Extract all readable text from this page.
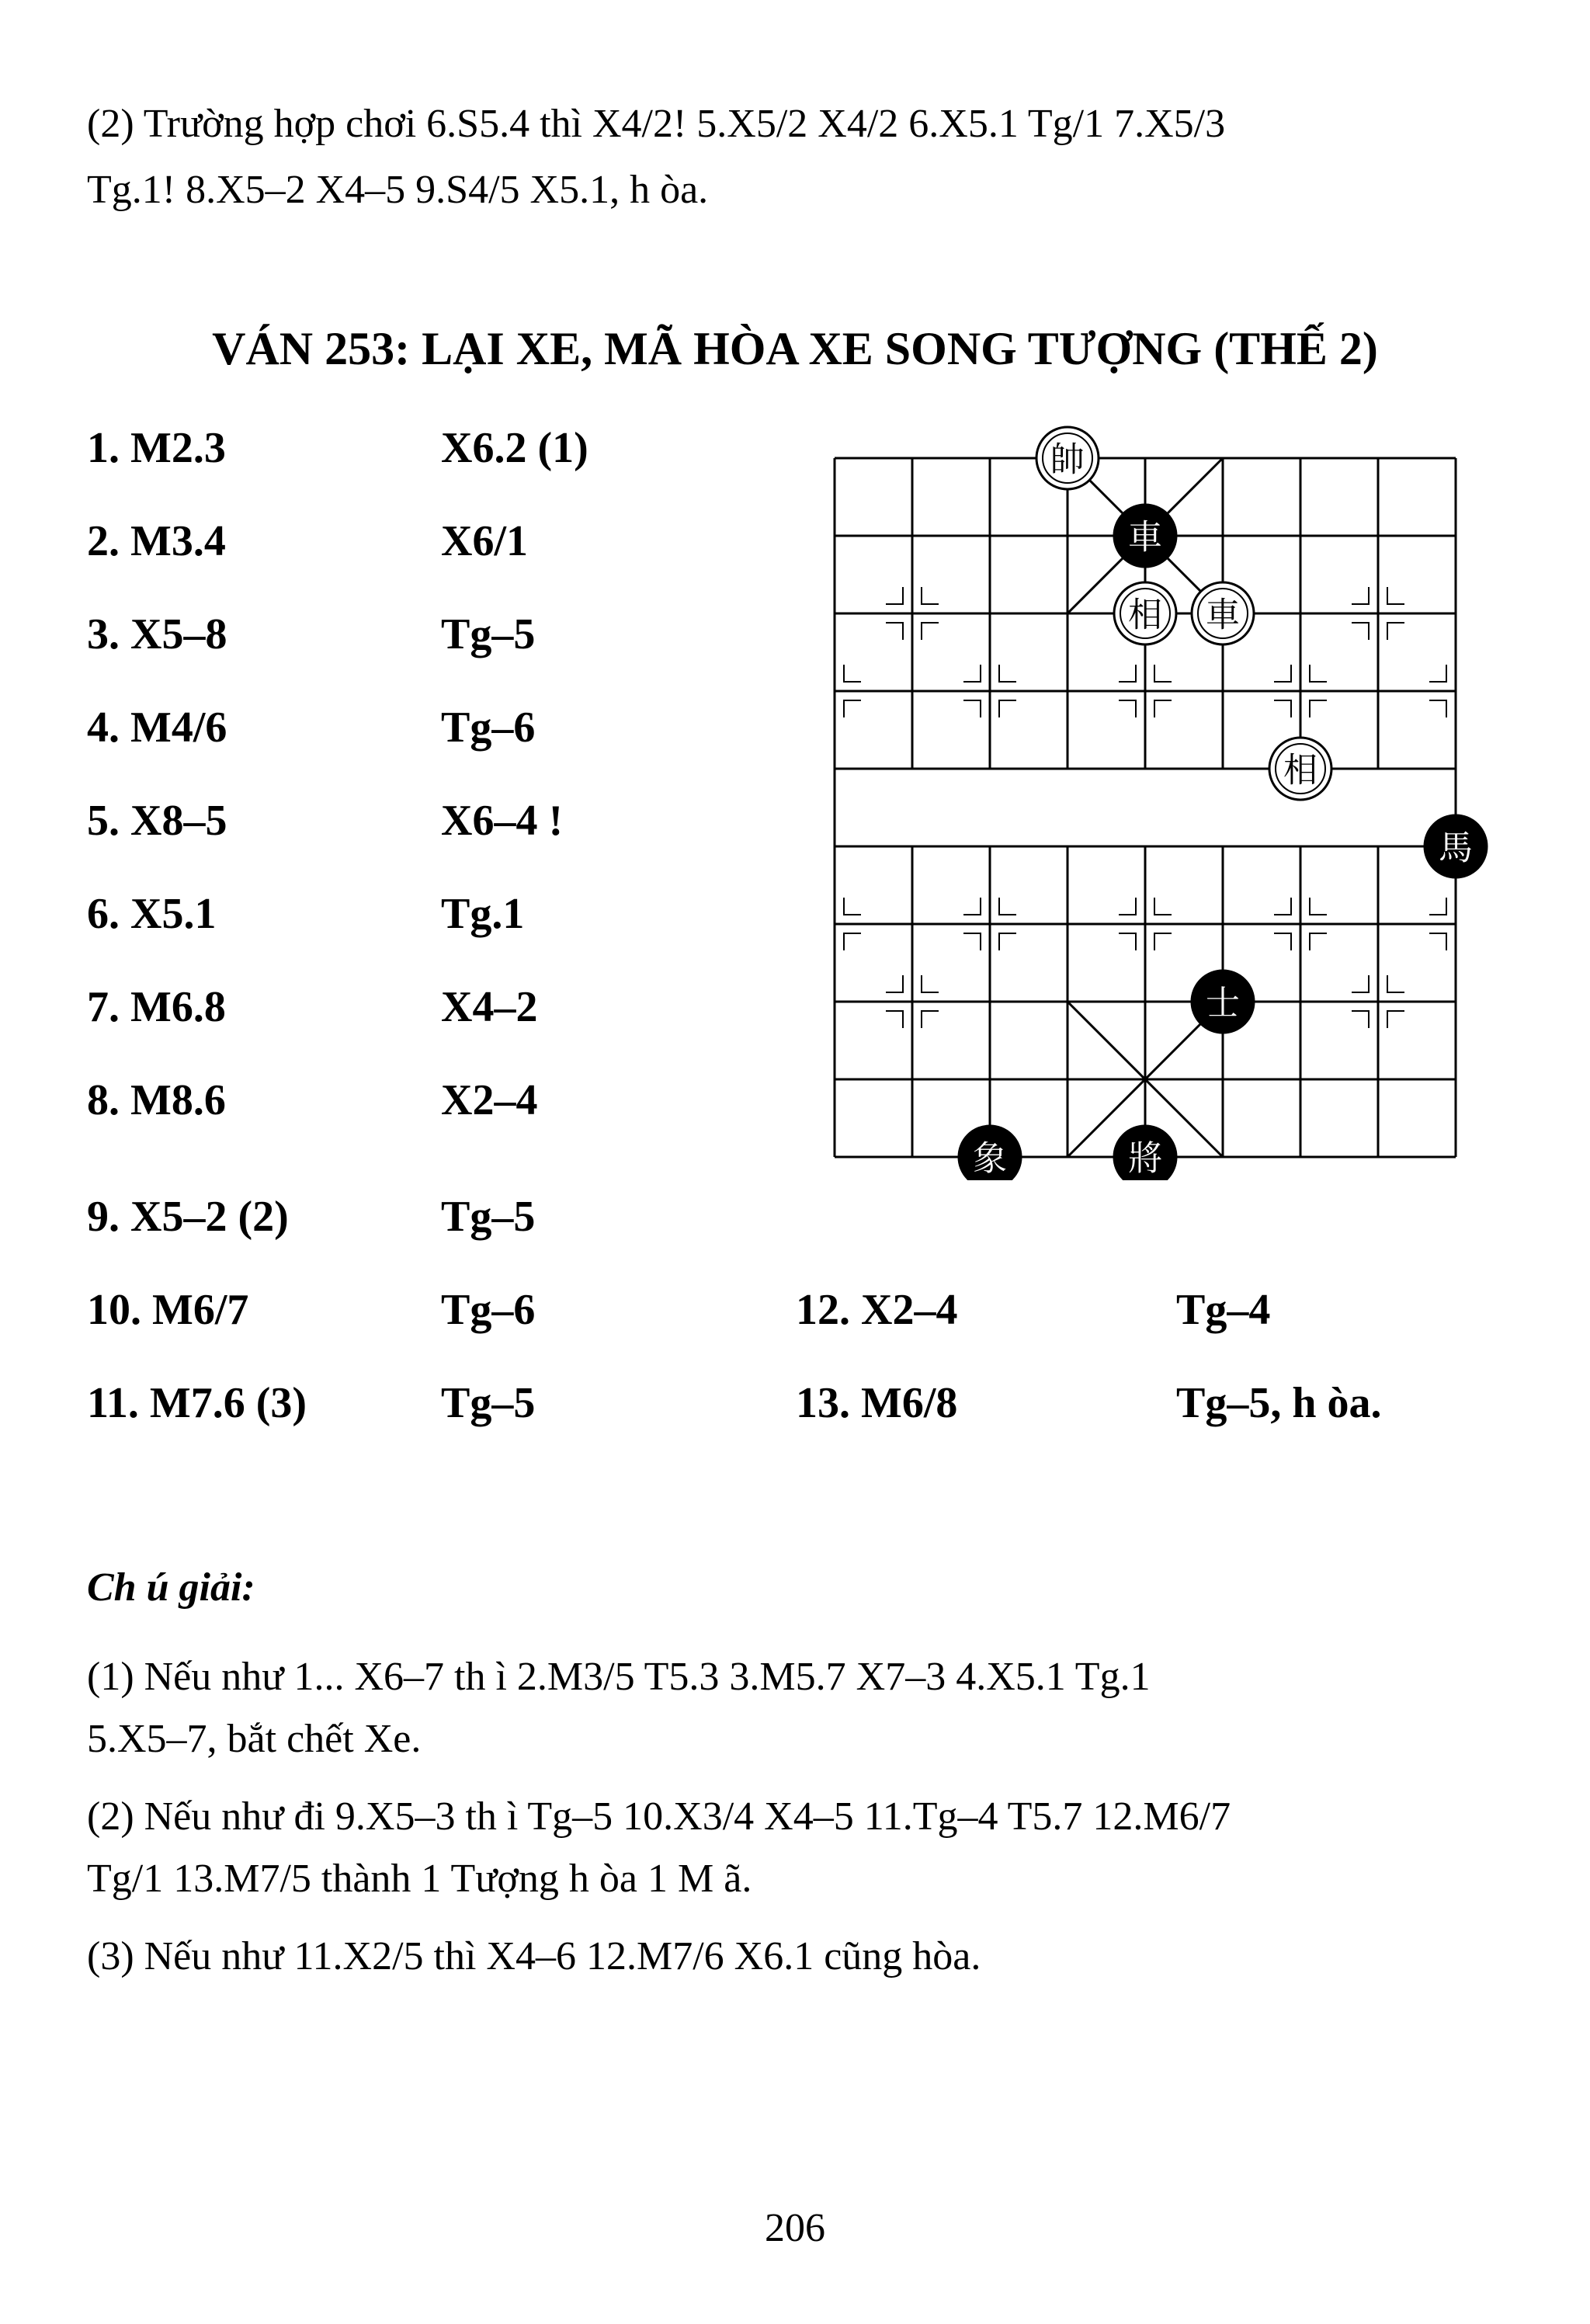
(2) Trường hợp chơi 6.S5.4 thì X4/2! 5.X5/2 X4/2 6.X5.1 Tg/1 7.X5/3
Tg.1! 8.X5–2 X4–5 9.S4/5 X5.1, h òa.
VÁN 253: LẠI XE, MÃ HÒA XE SONG TƯỢNG (THẾ 2)
1. M2.3	X6.2 (1)
2. M3.4	X6/1
3. X5–8	Tg–5
4. M4/6	Tg–6
5. X8–5	X6–4 !
6. X5.1	Tg.1
7. M6.8	X4–2
8. M8.6	X2–4
9. X5–2 (2)	Tg–5
10. M6/7	Tg–6
11. M7.6 (3)	Tg–5
12. X2–4	Tg–4
13. M6/8	Tg–5, h òa.
帥
車
相 車
相
馬
士
象	將
Ch ú giải:
(1) Nếu như 1... X6–7 th ì 2.M3/5 T5.3 3.M5.7 X7–3 4.X5.1 Tg.1
5.X5–7, bắt chết Xe.
(2) Nếu như đi 9.X5–3 th ì Tg–5 10.X3/4 X4–5 11.Tg–4 T5.7 12.M6/7
Tg/1 13.M7/5 thành 1 Tượng h òa 1 M ã.
(3) Nếu như 11.X2/5 thì X4–6 12.M7/6 X6.1 cũng hòa.
206
